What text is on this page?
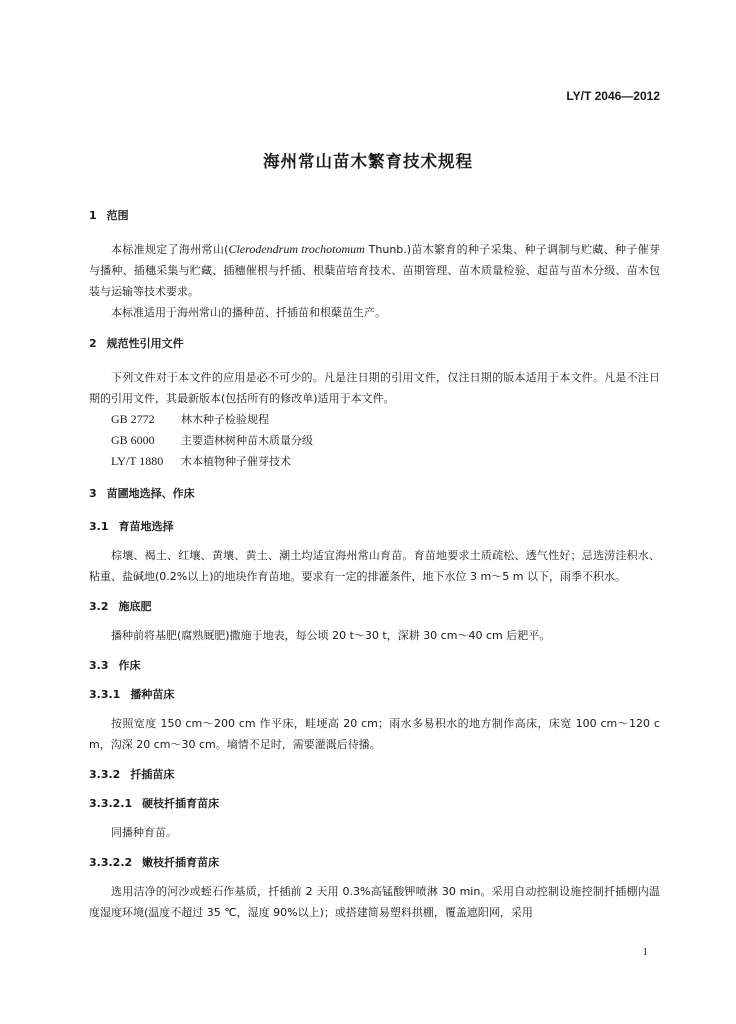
LY/T 2046—2012
海州常山苗木繁育技术规程

1 范围

本标准规定了海州常山(Clerodendrum trochotomum Thunb.)苗木繁育的种子采集、种子调制与贮藏、种子催芽与播种、插穗采集与贮藏、插穗催根与扦插、根蘖苗培育技术、苗期管理、苗木质量检验、起苗与苗木分级、苗木包装与运输等技术要求。

本标准适用于海州常山的播种苗、扦插苗和根蘖苗生产。

2 规范性引用文件

下列文件对于本文件的应用是必不可少的。凡是注日期的引用文件，仅注日期的版本适用于本文件。凡是不注日期的引用文件，其最新版本(包括所有的修改单)适用于本文件。

GB 2772 林木种子检验规程

GB 6000 主要造林树种苗木质量分级

LY/T 1880 木本植物种子催芽技术

3 苗圃地选择、作床

3.1 育苗地选择

棕壤、褐土、红壤、黄壤、黄土、潮土均适宜海州常山育苗。育苗地要求土质疏松、透气性好；忌选涝洼积水、粘重、盐碱地(0.2%以上)的地块作育苗地。要求有一定的排灌条件，地下水位 3 m～5 m 以下，雨季不积水。

3.2 施底肥

播种前将基肥(腐熟厩肥)撒施于地表，每公顷 20 t～30 t，深耕 30 cm～40 cm 后耙平。

3.3 作床

3.3.1 播种苗床

按照宽度 150 cm～200 cm 作平床，畦埂高 20 cm；雨水多易积水的地方制作高床，床宽 100 cm～120 cm，沟深 20 cm～30 cm。墒情不足时，需要灌溉后待播。

3.3.2 扦插苗床

3.3.2.1 硬枝扦插育苗床

同播种育苗。

3.3.2.2 嫩枝扦插育苗床

选用洁净的河沙或蛭石作基质，扦插前 2 天用 0.3%高锰酸钾喷淋 30 min。采用自动控制设施控制扦插棚内温度湿度环境(温度不超过 35 ℃，湿度 90%以上)；或搭建简易塑料拱棚，覆盖遮阳网，采用

1
